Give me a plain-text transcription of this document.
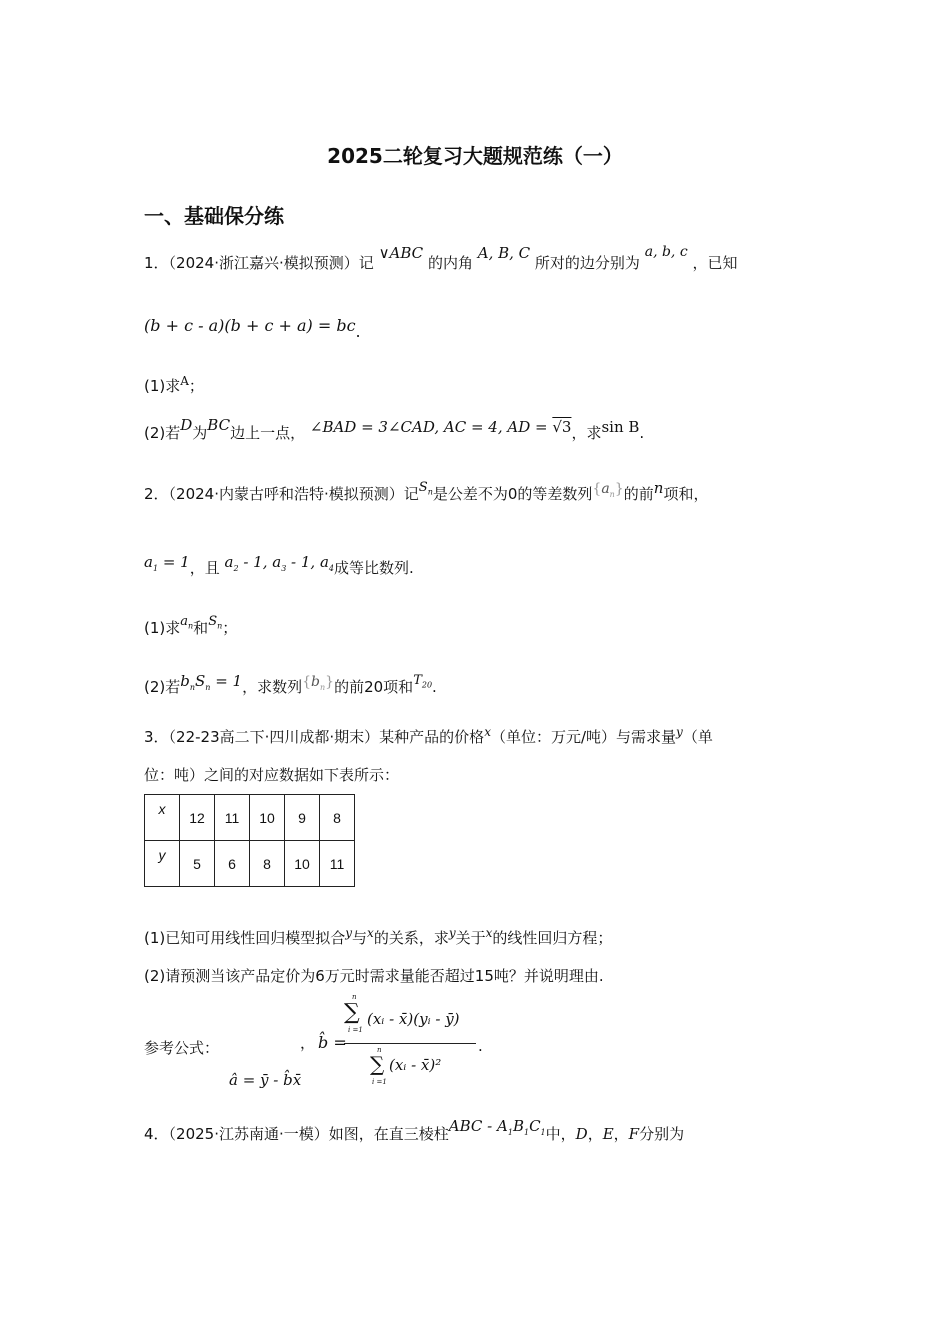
2025二轮复习大题规范练（一）
一、基础保分练
1．（2024·浙江嘉兴·模拟预测）记 ∨ABC 的内角 A, B, C 所对的边分别为 a, b, c ，已知
(b + c - a)(b + c + a) = bc.
(1)求$^A$；
(2)若D为BC边上一点， ∠BAD = 3∠CAD, AC = 4, AD = √3，求sin B.
2．（2024·内蒙古呼和浩特·模拟预测）记$S_n$是公差不为0的等差数列$\{a_n\}$的前n项和，
$a_1 = 1$，且 $a_2 - 1$, $a_3 - 1$, $a_4$成等比数列.
(1)求$a_n$和$S_n$；
(2)若$b_nS_n = 1$，求数列$\{b_n\}$的前20项和$T_{20}$.
3．（22-23高二下·四川成都·期末）某种产品的价格$^x$（单位：万元/吨）与需求量$^y$（单
位：吨）之间的对应数据如下表所示：
x	12	11	10	9	8
y	5	6	8	10	11
(1)已知可用线性回归模型拟合$^y$与$^x$的关系，求$^y$关于$^x$的线性回归方程；
(2)请预测当该产品定价为6万元时需求量能否超过15吨？并说明理由.
参考公式：	， b̂ =
∑
n
i =1
(xᵢ - x̄)(yᵢ - ȳ)
∑
n
i =1
(xᵢ - x̄)²
.
â = ȳ - b̂x̄
4．（2025·江苏南通·一模）如图，在直三棱柱ABC - $A_1B_1C_1$中，D，E，F分别为
